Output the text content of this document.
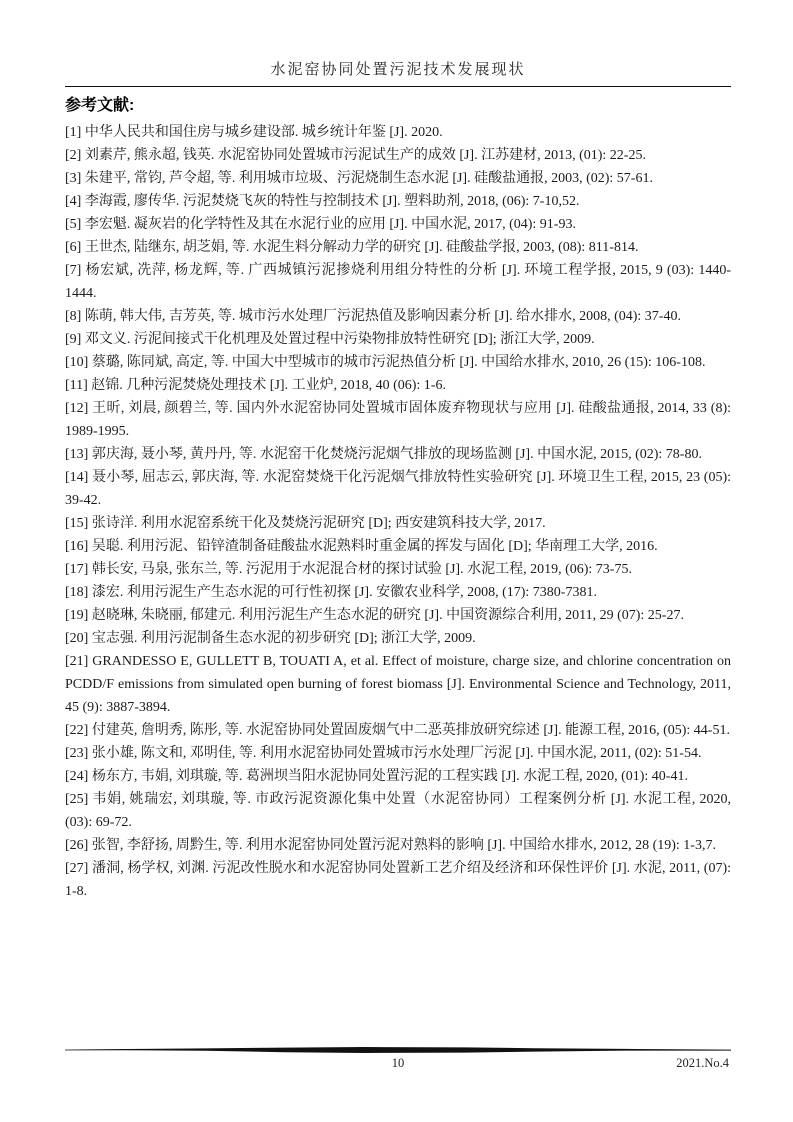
水泥窑协同处置污泥技术发展现状

参考文献:

[1] 中华人民共和国住房与城乡建设部. 城乡统计年鉴 [J]. 2020.

[2] 刘素芹, 熊永超, 钱英. 水泥窑协同处置城市污泥试生产的成效 [J]. 江苏建材, 2013, (01): 22-25.

[3] 朱建平, 常钧, 芦令超, 等. 利用城市垃圾、污泥烧制生态水泥 [J]. 硅酸盐通报, 2003, (02): 57-61.

[4] 李海霞, 廖传华. 污泥焚烧飞灰的特性与控制技术 [J]. 塑料助剂, 2018, (06): 7-10,52.

[5] 李宏魁. 凝灰岩的化学特性及其在水泥行业的应用 [J]. 中国水泥, 2017, (04): 91-93.

[6] 王世杰, 陆继东, 胡芝娟, 等. 水泥生料分解动力学的研究 [J]. 硅酸盐学报, 2003, (08): 811-814.

[7] 杨宏斌, 冼萍, 杨龙辉, 等. 广西城镇污泥掺烧利用组分特性的分析 [J]. 环境工程学报, 2015, 9 (03): 1440-1444.

[8] 陈萌, 韩大伟, 吉芳英, 等. 城市污水处理厂污泥热值及影响因素分析 [J]. 给水排水, 2008, (04): 37-40.

[9] 邓文义. 污泥间接式干化机理及处置过程中污染物排放特性研究 [D]; 浙江大学, 2009.

[10] 蔡璐, 陈同斌, 高定, 等. 中国大中型城市的城市污泥热值分析 [J]. 中国给水排水, 2010, 26 (15): 106-108.

[11] 赵锦. 几种污泥焚烧处理技术 [J]. 工业炉, 2018, 40 (06): 1-6.

[12] 王昕, 刘晨, 颜碧兰, 等. 国内外水泥窑协同处置城市固体废弃物现状与应用 [J]. 硅酸盐通报, 2014, 33 (8): 1989-1995.

[13] 郭庆海, 聂小琴, 黄丹丹, 等. 水泥窑干化焚烧污泥烟气排放的现场监测 [J]. 中国水泥, 2015, (02): 78-80.

[14] 聂小琴, 屈志云, 郭庆海, 等. 水泥窑焚烧干化污泥烟气排放特性实验研究 [J]. 环境卫生工程, 2015, 23 (05): 39-42.

[15] 张诗洋. 利用水泥窑系统干化及焚烧污泥研究 [D]; 西安建筑科技大学, 2017.

[16] 吴聪. 利用污泥、铅锌渣制备硅酸盐水泥熟料时重金属的挥发与固化 [D]; 华南理工大学, 2016.

[17] 韩长安, 马泉, 张东兰, 等. 污泥用于水泥混合材的探讨试验 [J]. 水泥工程, 2019, (06): 73-75.

[18] 漆宏. 利用污泥生产生态水泥的可行性初探 [J]. 安徽农业科学, 2008, (17): 7380-7381.

[19] 赵晓琳, 朱晓丽, 郁建元. 利用污泥生产生态水泥的研究 [J]. 中国资源综合利用, 2011, 29 (07): 25-27.

[20] 宝志强. 利用污泥制备生态水泥的初步研究 [D]; 浙江大学, 2009.

[21] GRANDESSO E, GULLETT B, TOUATI A, et al. Effect of moisture, charge size, and chlorine concentration on PCDD/F emissions from simulated open burning of forest biomass [J]. Environmental Science and Technology, 2011, 45 (9): 3887-3894.

[22] 付建英, 詹明秀, 陈彤, 等. 水泥窑协同处置固废烟气中二恶英排放研究综述 [J]. 能源工程, 2016, (05): 44-51.

[23] 张小雄, 陈文和, 邓明佳, 等. 利用水泥窑协同处置城市污水处理厂污泥 [J]. 中国水泥, 2011, (02): 51-54.

[24] 杨东方, 韦娟, 刘琪璇, 等. 葛洲坝当阳水泥协同处置污泥的工程实践 [J]. 水泥工程, 2020, (01): 40-41.

[25] 韦娟, 姚瑞宏, 刘琪璇, 等. 市政污泥资源化集中处置（水泥窑协同）工程案例分析 [J]. 水泥工程, 2020, (03): 69-72.

[26] 张智, 李舒扬, 周黔生, 等. 利用水泥窑协同处置污泥对熟料的影响 [J]. 中国给水排水, 2012, 28 (19): 1-3,7.

[27] 潘洞, 杨学权, 刘渊. 污泥改性脱水和水泥窑协同处置新工艺介绍及经济和环保性评价 [J]. 水泥, 2011, (07): 1-8.

10	2021.No.4
